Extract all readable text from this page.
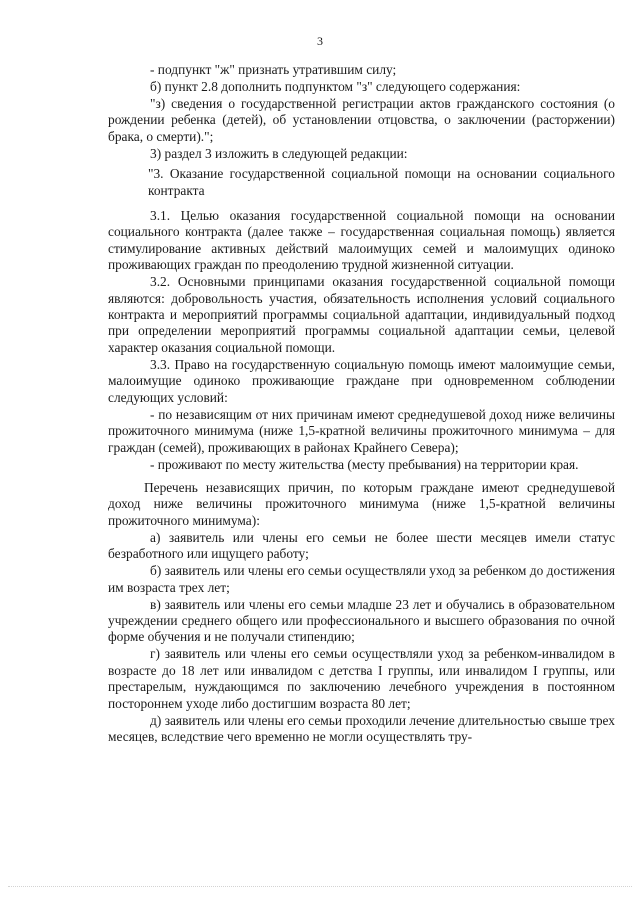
3

- подпункт "ж" признать утратившим силу;

б) пункт 2.8 дополнить подпунктом "з" следующего содержания:

"з) сведения о государственной регистрации актов гражданского состояния (о рождении ребенка (детей), об установлении отцовства, о заключении (расторжении) брака, о смерти).";

3) раздел 3 изложить в следующей редакции:

"3. Оказание государственной социальной помощи на основании социального контракта

3.1. Целью оказания государственной социальной помощи на основании социального контракта (далее также – государственная социальная помощь) является стимулирование активных действий малоимущих семей и малоимущих одиноко проживающих граждан по преодолению трудной жизненной ситуации.

3.2. Основными принципами оказания государственной социальной помощи являются: добровольность участия, обязательность исполнения условий социального контракта и мероприятий программы социальной адаптации, индивидуальный подход при определении мероприятий программы социальной адаптации семьи, целевой характер оказания социальной помощи.

3.3. Право на государственную социальную помощь имеют малоимущие семьи, малоимущие одиноко проживающие граждане при одновременном соблюдении следующих условий:

- по независящим от них причинам имеют среднедушевой доход ниже величины прожиточного минимума (ниже 1,5-кратной величины прожиточного минимума – для граждан (семей), проживающих в районах Крайнего Севера);

- проживают по месту жительства (месту пребывания) на территории края.

Перечень независящих причин, по которым граждане имеют среднедушевой доход ниже величины прожиточного минимума (ниже 1,5-кратной величины прожиточного минимума):

а) заявитель или члены его семьи не более шести месяцев имели статус безработного или ищущего работу;

б) заявитель или члены его семьи осуществляли уход за ребенком до достижения им возраста трех лет;

в) заявитель или члены его семьи младше 23 лет и обучались в образовательном учреждении среднего общего или профессионального и высшего образования по очной форме обучения и не получали стипендию;

г) заявитель или члены его семьи осуществляли уход за ребенком-инвалидом в возрасте до 18 лет или инвалидом с детства I группы, или инвалидом I группы, или престарелым, нуждающимся по заключению лечебного учреждения в постоянном постороннем уходе либо достигшим возраста 80 лет;

д) заявитель или члены его семьи проходили лечение длительностью свыше трех месяцев, вследствие чего временно не могли осуществлять тру-
